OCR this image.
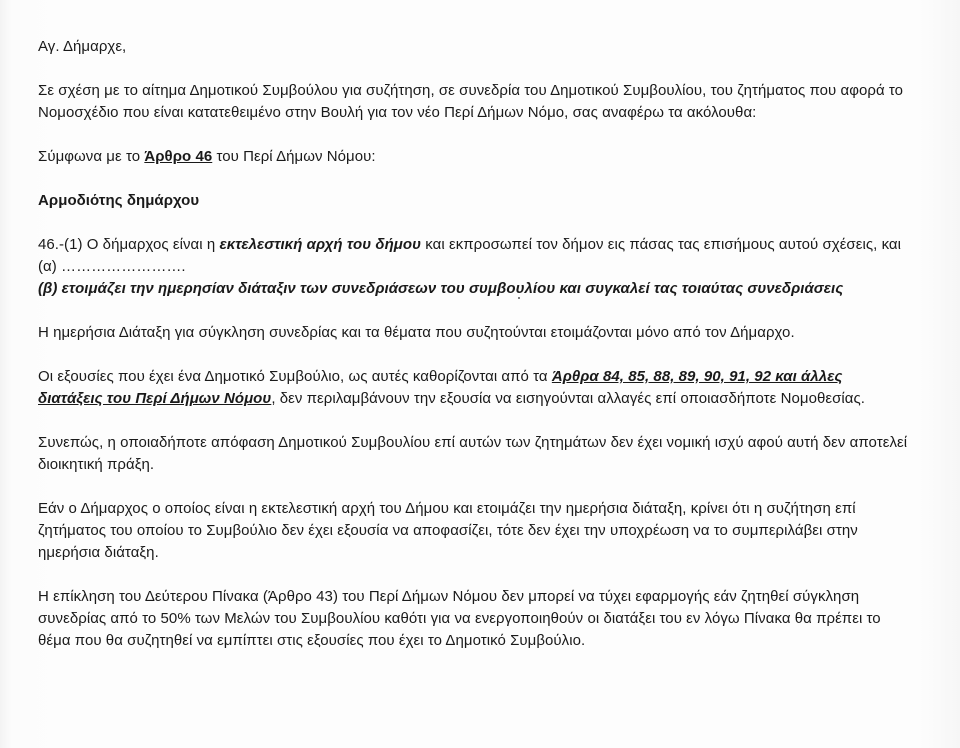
Αγ. Δήμαρχε,

Σε σχέση με το αίτημα Δημοτικού Συμβούλου για συζήτηση, σε συνεδρία του Δημοτικού Συμβουλίου, του ζητήματος που αφορά το Νομοσχέδιο που είναι κατατεθειμένο στην Βουλή για τον νέο Περί Δήμων Νόμο, σας αναφέρω τα ακόλουθα:

Σύμφωνα με το Άρθρο 46 του Περί Δήμων Νόμου:

Αρμοδιότης δημάρχου

46.-(1) Ο δήμαρχος είναι η εκτελεστική αρχή του δήμου και εκπροσωπεί τον δήμον εις πάσας τας επισήμους αυτού σχέσεις, και

(α) …………………….

(β) ετοιμάζει την ημερησίαν διάταξιν των συνεδριάσεων του συμβουλίου και συγκαλεί τας τοιαύτας συνεδριάσεις

Η ημερήσια Διάταξη για σύγκληση συνεδρίας και τα θέματα που συζητούνται ετοιμάζονται μόνο από τον Δήμαρχο.

Οι εξουσίες που έχει ένα Δημοτικό Συμβούλιο, ως αυτές καθορίζονται από τα Άρθρα 84, 85, 88, 89, 90, 91, 92 και άλλες διατάξεις του Περί Δήμων Νόμου, δεν περιλαμβάνουν την εξουσία να εισηγούνται αλλαγές επί οποιασδήποτε Νομοθεσίας.

Συνεπώς, η οποιαδήποτε απόφαση Δημοτικού Συμβουλίου επί αυτών των ζητημάτων δεν έχει νομική ισχύ αφού αυτή δεν αποτελεί διοικητική πράξη.

Εάν ο Δήμαρχος ο οποίος είναι η εκτελεστική αρχή του Δήμου και ετοιμάζει την ημερήσια διάταξη, κρίνει ότι η συζήτηση επί ζητήματος του οποίου το Συμβούλιο δεν έχει εξουσία να αποφασίζει, τότε δεν έχει την υποχρέωση να το συμπεριλάβει στην ημερήσια διάταξη.

Η επίκληση του Δεύτερου Πίνακα (Άρθρο 43) του Περί Δήμων Νόμου δεν μπορεί να τύχει εφαρμογής εάν ζητηθεί σύγκληση συνεδρίας από το 50% των Μελών του Συμβουλίου καθότι για να ενεργοποιηθούν οι διατάξει του εν λόγω Πίνακα θα πρέπει το θέμα που θα συζητηθεί να εμπίπτει στις εξουσίες που έχει το Δημοτικό Συμβούλιο.
